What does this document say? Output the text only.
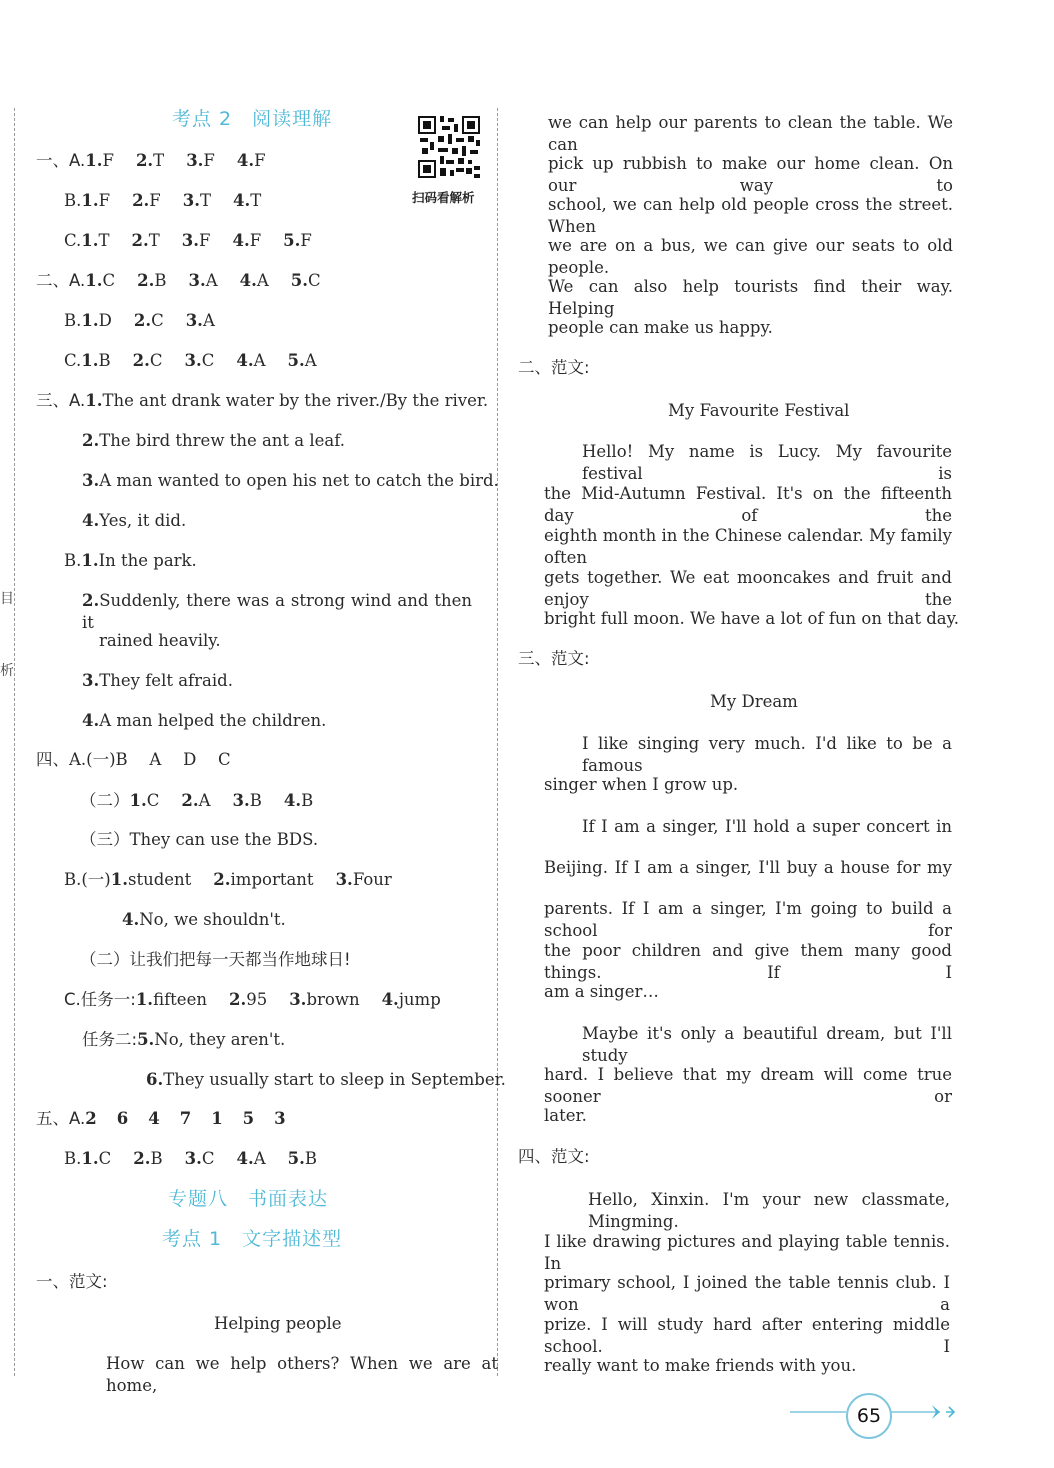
目
析
考点 2　阅读理解
一、A.1.F 2.T 3.F 4.F
B.1.F 2.F 3.T 4.T
C.1.T 2.T 3.F 4.F 5.F
二、A.1.C 2.B 3.A 4.A 5.C
B.1.D 2.C 3.A
C.1.B 2.C 3.C 4.A 5.A
三、A.1.The ant drank water by the river./By the river.
2.The bird threw the ant a leaf.
3.A man wanted to open his net to catch the bird.
4.Yes, it did.
B.1.In the park.
2.Suddenly, there was a strong wind and then it
rained heavily.
3.They felt afraid.
4.A man helped the children.
四、A.(一)B　 A　 D　 C
（二）1.C 2.A 3.B 4.B
（三）They can use the BDS.
B.(一)1.student 2.important 3.Four
4.No, we shouldn't.
（二）让我们把每一天都当作地球日!
C.任务一:1.fifteen 2.95 3.brown 4.jump
任务二:5.No, they aren't.
6.They usually start to sleep in September.
五、A.2 6 4 7 1 5 3
B.1.C 2.B 3.C 4.A 5.B
专题八　书面表达
考点 1　文字描述型
一、范文:
Helping people
How can we help others? When we are at home,
扫码看解析
we can help our parents to clean the table. We can
pick up rubbish to make our home clean. On our way to
school, we can help old people cross the street. When
we are on a bus, we can give our seats to old people.
We can also help tourists find their way. Helping
people can make us happy.
二、范文:
My Favourite Festival
Hello! My name is Lucy. My favourite festival is
the Mid-Autumn Festival. It's on the fifteenth day of the
eighth month in the Chinese calendar. My family often
gets together. We eat mooncakes and fruit and enjoy the
bright full moon. We have a lot of fun on that day.
三、范文:
My Dream
I like singing very much. I'd like to be a famous
singer when I grow up.
If I am a singer, I'll hold a super concert in
Beijing. If I am a singer, I'll buy a house for my
parents. If I am a singer, I'm going to build a school for
the poor children and give them many good things. If I
am a singer…
Maybe it's only a beautiful dream, but I'll study
hard. I believe that my dream will come true sooner or
later.
四、范文:
Hello, Xinxin. I'm your new classmate, Mingming.
I like drawing pictures and playing table tennis. In
primary school, I joined the table tennis club. I won a
prize. I will study hard after entering middle school. I
really want to make friends with you.
65
